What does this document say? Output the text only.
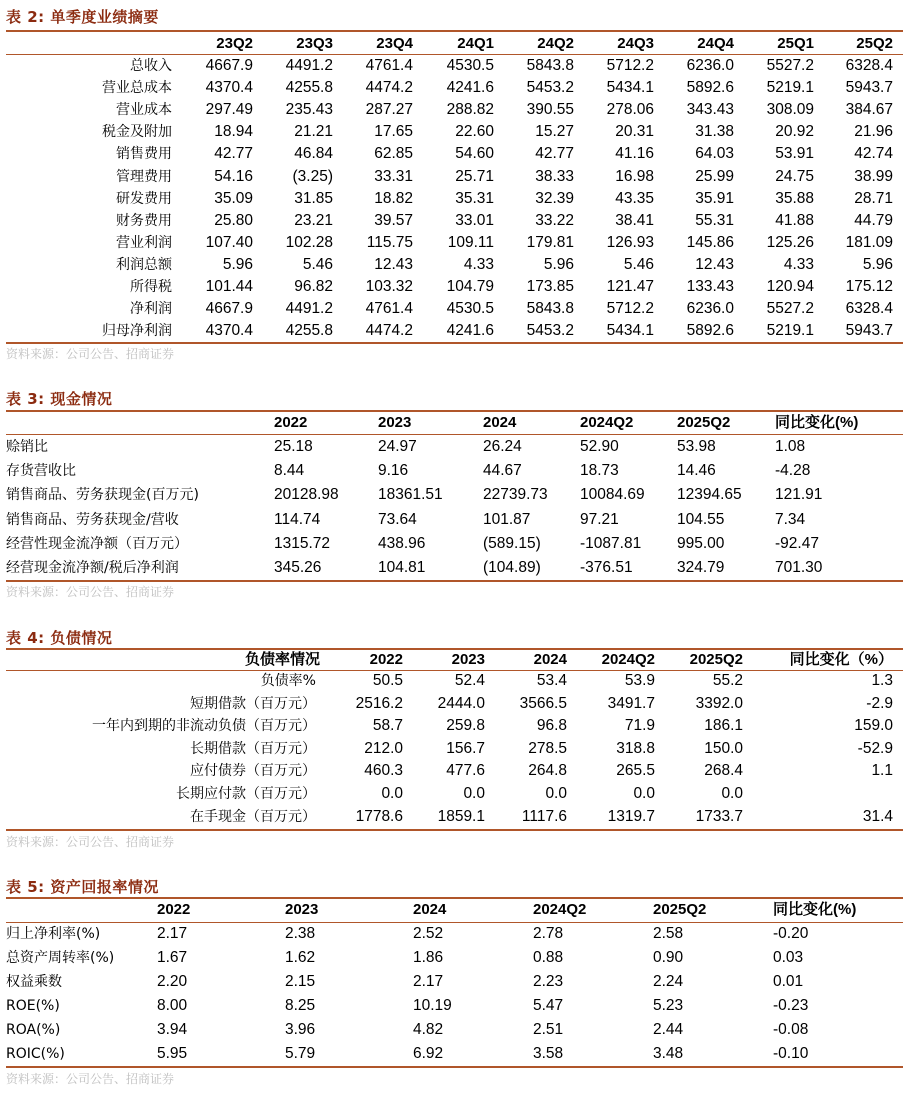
表 2: 单季度业绩摘要
23Q2	23Q3	23Q4	24Q1	24Q2	24Q3	24Q4	25Q1	25Q2
总收入 4667.9 4491.2 4761.4 4530.5 5843.8 5712.2 6236.0 5527.2 6328.4
营业总成本 4370.4 4255.8 4474.2 4241.6 5453.2 5434.1 5892.6 5219.1 5943.7
营业成本 297.49 235.43 287.27 288.82 390.55 278.06 343.43 308.09 384.67
税金及附加	18.94	21.21	17.65	22.60	15.27	20.31	31.38	20.92	21.96
销售费用	42.77	46.84	62.85	54.60	42.77	41.16	64.03	53.91	42.74
管理费用	54.16	(3.25)	33.31	25.71	38.33	16.98	25.99	24.75	38.99
研发费用	35.09	31.85	18.82	35.31	32.39	43.35	35.91	35.88	28.71
财务费用	25.80	23.21	39.57	33.01	33.22	38.41	55.31	41.88	44.79
营业利润 107.40 102.28 115.75 109.11 179.81 126.93 145.86 125.26 181.09
利润总额	5.96	5.46	12.43	4.33	5.96	5.46	12.43	4.33	5.96
所得税 101.44	96.82 103.32 104.79 173.85 121.47 133.43 120.94 175.12
净利润 4667.9 4491.2 4761.4 4530.5 5843.8 5712.2 6236.0 5527.2 6328.4
归母净利润 4370.4 4255.8 4474.2 4241.6 5453.2 5434.1 5892.6 5219.1 5943.7
资料来源：公司公告、招商证券
表 3: 现金情况
2022	2023	2024	2024Q2	2025Q2	同比变化(%)
赊销比	25.18	24.97	26.24	52.90	53.98	1.08
存货营收比	8.44	9.16	44.67	18.73	14.46	-4.28
销售商品、劳务获现金(百万元)	20128.98	18361.51	22739.73 10084.69 12394.65 121.91
销售商品、劳务获现金/营收	114.74	73.64	101.87	97.21	104.55	7.34
经营性现金流净额（百万元）	1315.72	438.96	(589.15)	-1087.81 995.00	-92.47
经营现金流净额/税后净利润	345.26	104.81	(104.89)	-376.51	324.79	701.30
资料来源：公司公告、招商证券
表 4: 负债情况
负债率情况	2022	2023	2024 2024Q2 2025Q2	同比变化（%）
负债率%	50.5	52.4	53.4	53.9	55.2	1.3
短期借款（百万元）	2516.2 2444.0 3566.5	3491.7	3392.0	-2.9
一年内到期的非流动负债（百万元）	58.7	259.8	96.8	71.9	186.1	159.0
长期借款（百万元）	212.0	156.7	278.5	318.8	150.0	-52.9
应付债券（百万元）	460.3	477.6	264.8	265.5	268.4	1.1
长期应付款（百万元）	0.0	0.0	0.0	0.0	0.0
在手现金（百万元）	1778.6 1859.1 1117.6	1319.7	1733.7	31.4
资料来源：公司公告、招商证券
表 5: 资产回报率情况
2022	2023	2024	2024Q2	2025Q2	同比变化(%)
归上净利率(%)	2.17	2.38	2.52	2.78	2.58	-0.20
总资产周转率(%)	1.67	1.62	1.86	0.88	0.90	0.03
权益乘数	2.20	2.15	2.17	2.23	2.24	0.01
ROE(%)	8.00	8.25	10.19	5.47	5.23	-0.23
ROA(%)	3.94	3.96	4.82	2.51	2.44	-0.08
ROIC(%)	5.95	5.79	6.92	3.58	3.48	-0.10
资料来源：公司公告、招商证券
